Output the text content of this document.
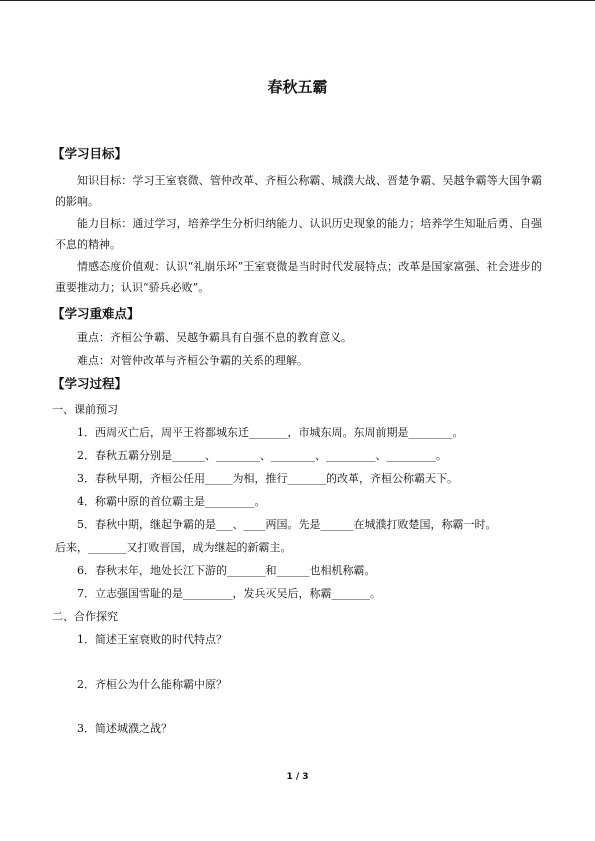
春秋五霸
【学习目标】
知识目标：学习王室衰微、管仲改革、齐桓公称霸、城濮大战、晋楚争霸、吴越争霸等大国争霸的影响。
能力目标：通过学习，培养学生分析归纳能力、认识历史现象的能力；培养学生知耻后勇、自强不息的精神。
情感态度价值观：认识“礼崩乐坏”王室衰微是当时时代发展特点；改革是国家富强、社会进步的重要推动力；认识“骄兵必败”。
【学习重难点】
重点：齐桓公争霸、吴越争霸具有自强不息的教育意义。
难点：对管仲改革与齐桓公争霸的关系的理解。
【学习过程】
一、课前预习
1．西周灭亡后，周平王将都城东迁_______，市城东周。东周前期是________。
2．春秋五霸分别是______、________、________、_________、_________。
3．春秋早期，齐桓公任用_____为相，推行_______的改革，齐桓公称霸天下。
4．称霸中原的首位霸主是_________。
5．春秋中期，继起争霸的是___、____两国。先是______在城濮打败楚国，称霸一时。
后来，_______又打败晋国，成为继起的新霸主。
6．春秋末年，地处长江下游的_______和______也相机称霸。
7．立志强国雪耻的是_________，发兵灭吴后，称霸_______。
二、合作探究
1．简述王室衰败的时代特点？
2．齐桓公为什么能称霸中原？
3．简述城濮之战？
1 / 3
